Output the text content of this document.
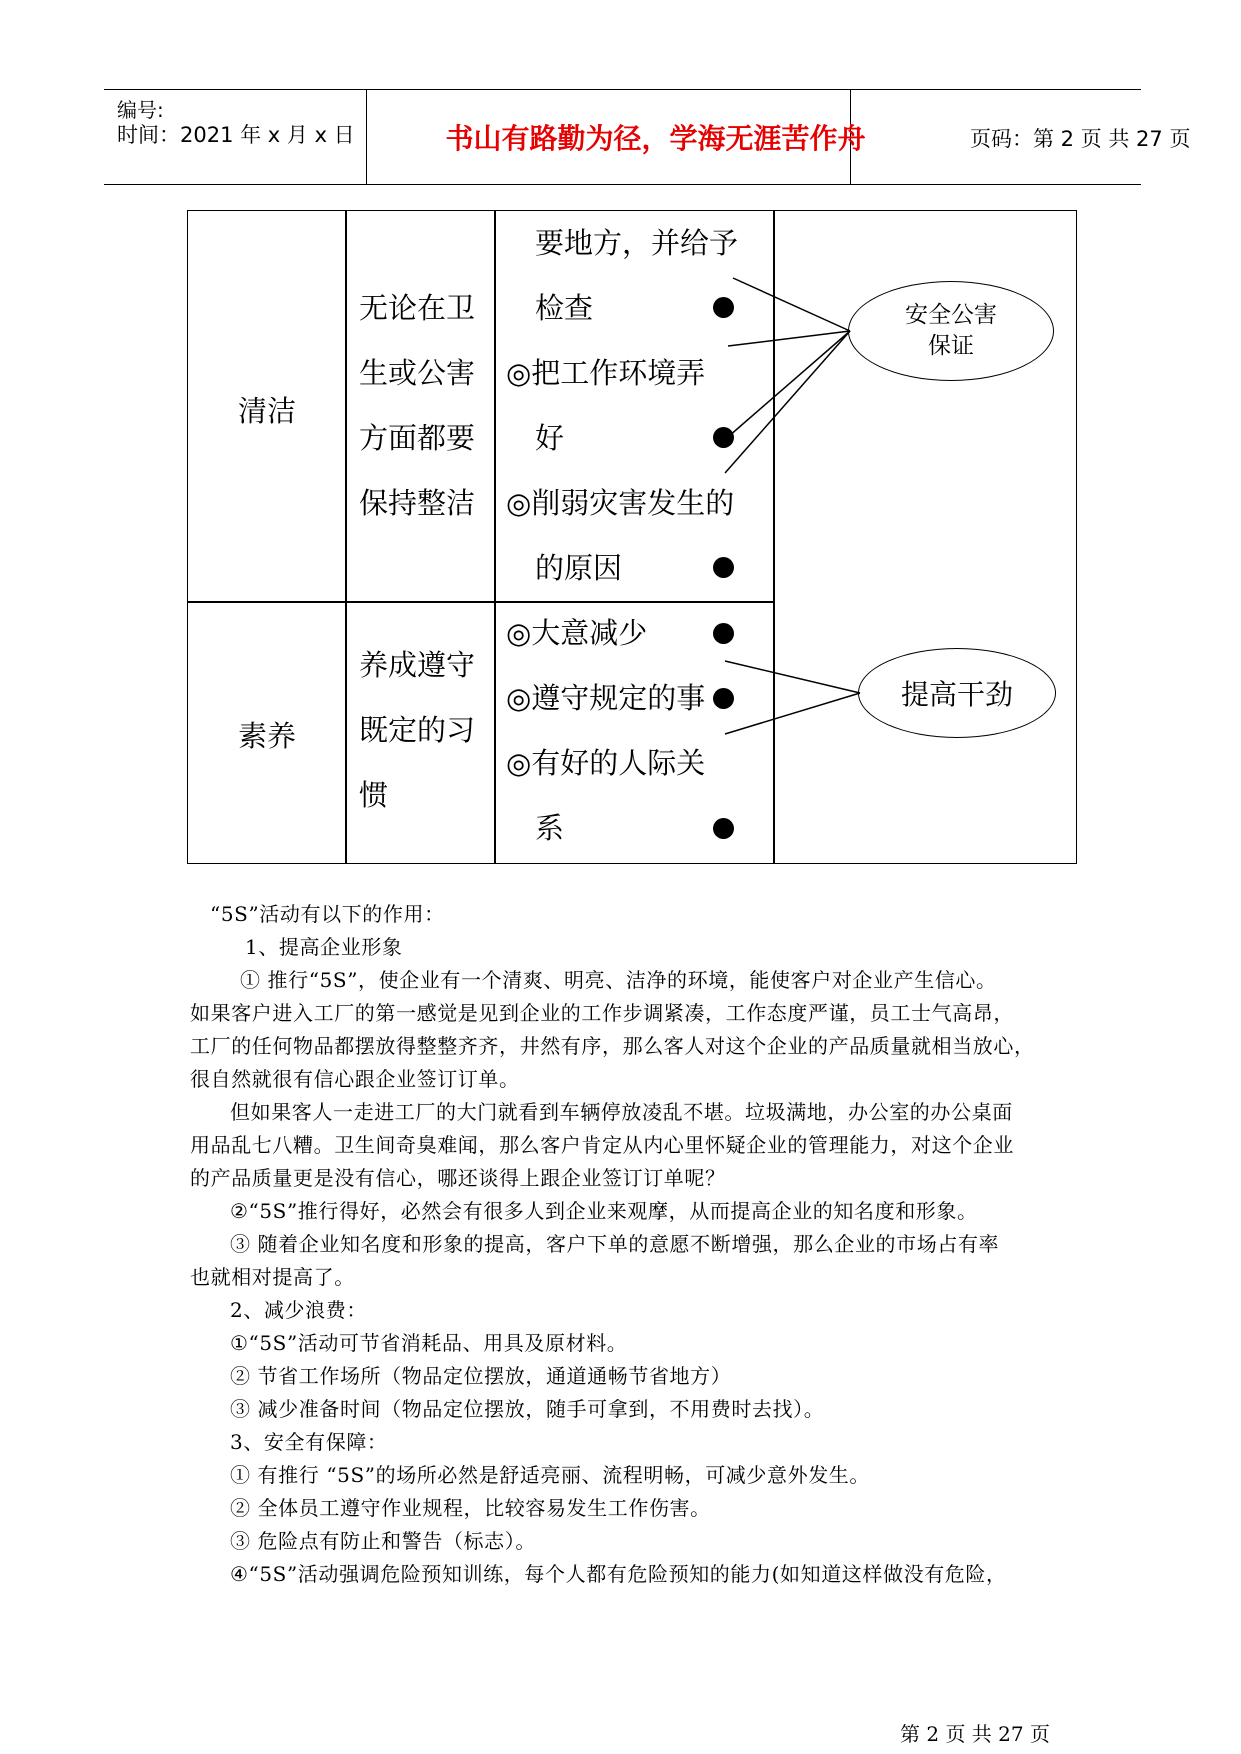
编号:
时间：2021 年 x 月 x 日	书山有路勤为径，学海无涯苦作舟	页码：第 2 页 共 27 页
清洁
无论在卫
生或公害
方面都要
保持整洁
要地方，并给予
检查
◎把工作环境弄
好
◎削弱灾害发生的
的原因
素养
养成遵守
既定的习
惯
◎大意减少
◎遵守规定的事
◎有好的人际关
系
安全公害
保证
提高干劲
“5S”活动有以下的作用：
1、提高企业形象
① 推行“5S”，使企业有一个清爽、明亮、洁净的环境，能使客户对企业产生信心。
如果客户进入工厂的第一感觉是见到企业的工作步调紧凑，工作态度严谨，员工士气高昂，
工厂的任何物品都摆放得整整齐齐，井然有序，那么客人对这个企业的产品质量就相当放心，
很自然就很有信心跟企业签订订单。
但如果客人一走进工厂的大门就看到车辆停放凌乱不堪。垃圾满地，办公室的办公桌面
用品乱七八糟。卫生间奇臭难闻，那么客户肯定从内心里怀疑企业的管理能力，对这个企业
的产品质量更是没有信心，哪还谈得上跟企业签订订单呢？
②“5S”推行得好，必然会有很多人到企业来观摩，从而提高企业的知名度和形象。
③ 随着企业知名度和形象的提高，客户下单的意愿不断增强，那么企业的市场占有率
也就相对提高了。
2、减少浪费：
①“5S”活动可节省消耗品、用具及原材料。
② 节省工作场所（物品定位摆放，通道通畅节省地方）
③ 减少准备时间（物品定位摆放，随手可拿到，不用费时去找）。
3、安全有保障：
① 有推行 “5S”的场所必然是舒适亮丽、流程明畅，可减少意外发生。
② 全体员工遵守作业规程，比较容易发生工作伤害。
③ 危险点有防止和警告（标志）。
④“5S”活动强调危险预知训练，每个人都有危险预知的能力(如知道这样做没有危险，
第 2 页 共 27 页
